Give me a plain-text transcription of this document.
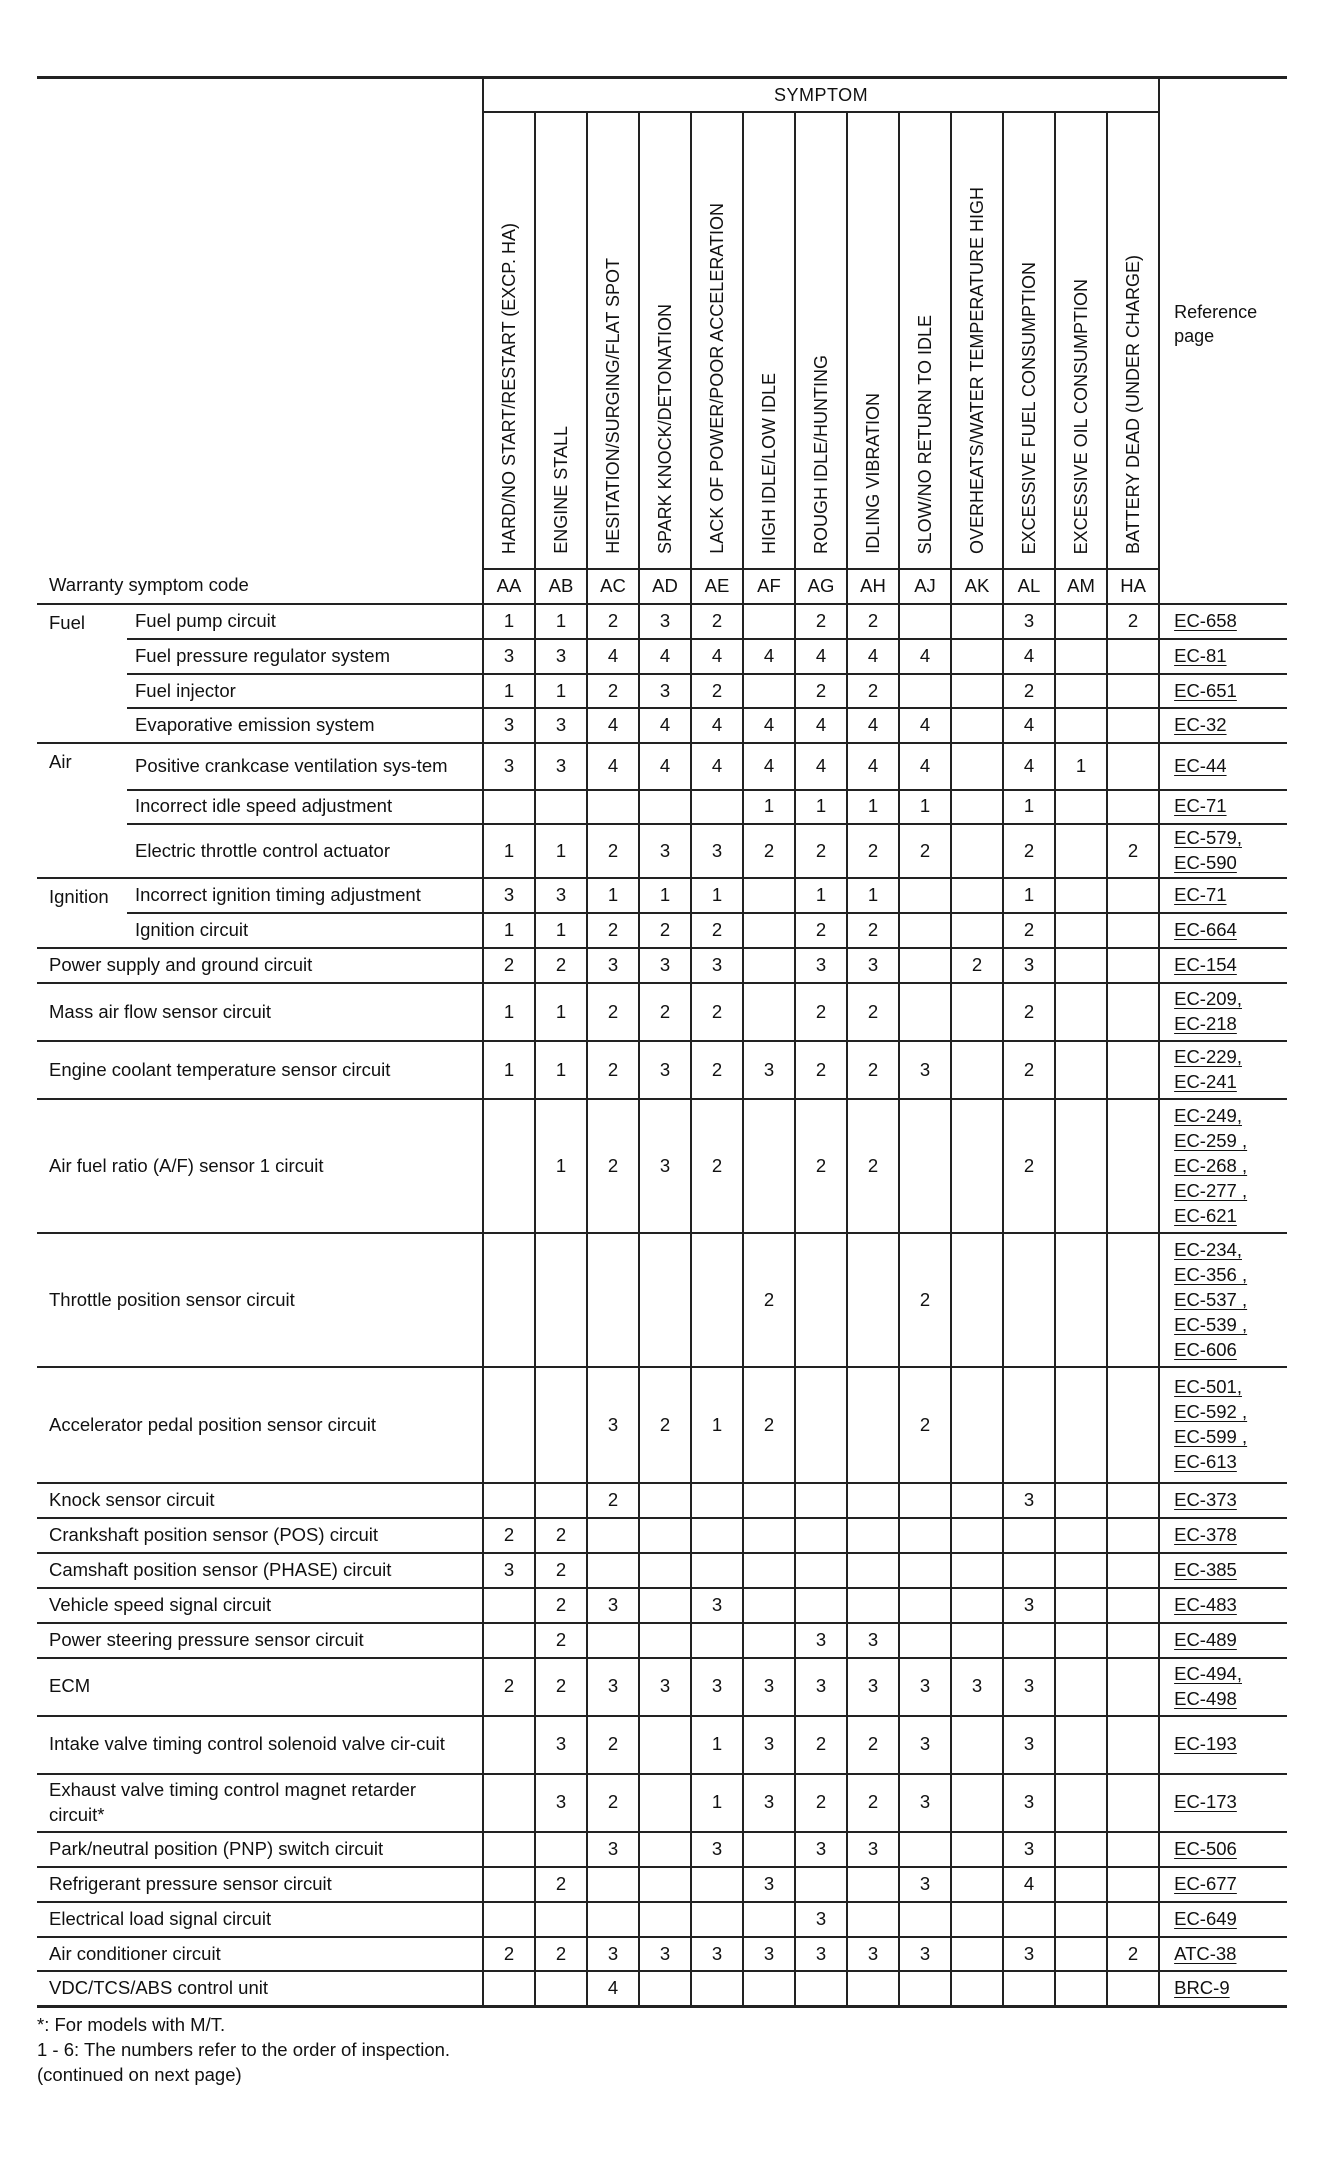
		SYMPTOM													Reference page

		HARD/NO START/RESTART (EXCP. HA)	ENGINE STALL	HESITATION/SURGING/FLAT SPOT	SPARK KNOCK/DETONATION	LACK OF POWER/POOR ACCELERATION	HIGH IDLE/LOW IDLE	ROUGH IDLE/HUNTING	IDLING VIBRATION	SLOW/NO RETURN TO IDLE	OVERHEATS/WATER TEMPERATURE HIGH	EXCESSIVE FUEL CONSUMPTION	EXCESSIVE OIL CONSUMPTION	BATTERY DEAD (UNDER CHARGE)	

Warranty symptom code		AA	AB	AC	AD	AE	AF	AG	AH	AJ	AK	AL	AM	HA	
Fuel	Fuel pump circuit	1	1	2	3	2		2	2			3		2	EC-658

	Fuel pressure regulator system	3	3	4	4	4	4	4	4	4		4			EC-81

	Fuel injector	1	1	2	3	2		2	2			2			EC-651

	Evaporative emission system	3	3	4	4	4	4	4	4	4		4			EC-32

Air	Positive crankcase ventilation sys-tem	3	3	4	4	4	4	4	4	4		4	1		EC-44

	Incorrect idle speed adjustment						1	1	1	1		1			EC-71

	Electric throttle control actuator	1	1	2	3	3	2	2	2	2		2		2	EC-579,
EC-590

Ignition	Incorrect ignition timing adjustment	3	3	1	1	1		1	1			1			EC-71

	Ignition circuit	1	1	2	2	2		2	2			2			EC-664

Power supply and ground circuit		2	2	3	3	3		3	3		2	3			EC-154

Mass air flow sensor circuit		1	1	2	2	2		2	2			2			EC-209,
EC-218

Engine coolant temperature sensor circuit		1	1	2	3	2	3	2	2	3		2			EC-229,
EC-241

Air fuel ratio (A/F) sensor 1 circuit			1	2	3	2		2	2			2			EC-249,
EC-259 ,
EC-268 ,
EC-277 ,
EC-621

Throttle position sensor circuit							2			2					EC-234,
EC-356 ,
EC-537 ,
EC-539 ,
EC-606

Accelerator pedal position sensor circuit				3	2	1	2			2					EC-501,
EC-592 ,
EC-599 ,
EC-613

Knock sensor circuit				2								3			EC-373

Crankshaft position sensor (POS) circuit		2	2												EC-378

Camshaft position sensor (PHASE) circuit		3	2												EC-385

Vehicle speed signal circuit			2	3		3						3			EC-483

Power steering pressure sensor circuit			2					3	3						EC-489

ECM		2	2	3	3	3	3	3	3	3	3	3			EC-494,
EC-498

Intake valve timing control solenoid valve cir-cuit			3	2		1	3	2	2	3		3			EC-193

Exhaust valve timing control magnet retarder circuit*			3	2		1	3	2	2	3		3			EC-173

Park/neutral position (PNP) switch circuit				3		3		3	3			3			EC-506

Refrigerant pressure sensor circuit			2				3			3		4			EC-677

Electrical load signal circuit								3							EC-649

Air conditioner circuit		2	2	3	3	3	3	3	3	3		3		2	ATC-38

VDC/TCS/ABS control unit				4											BRC-9
*: For models with M/T.
1 - 6: The numbers refer to the order of inspection.
(continued on next page)
